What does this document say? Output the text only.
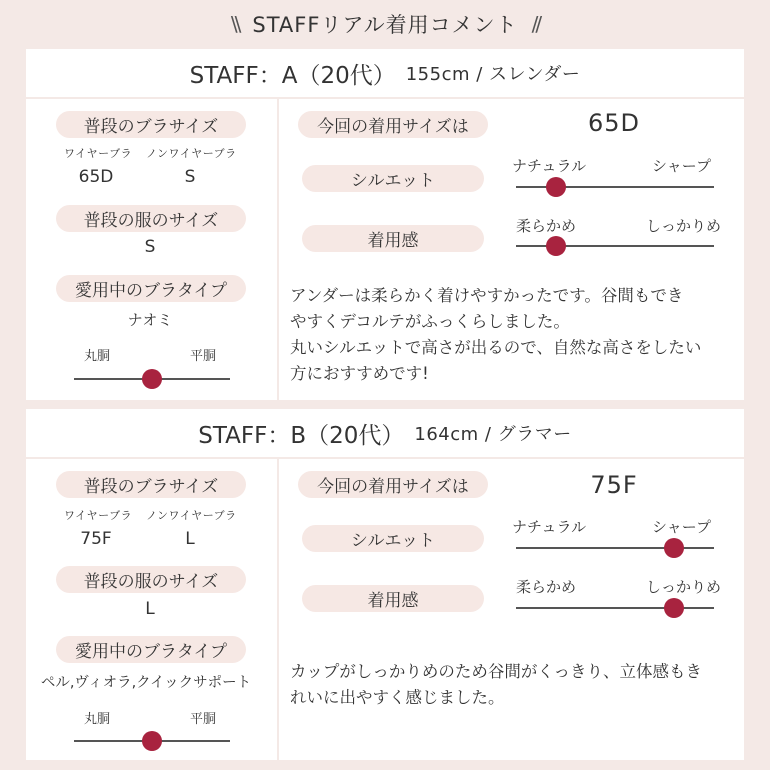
\\ STAFFリアル着用コメント //
STAFF：A（20代） 155cm / スレンダー
普段のブラサイズ
ワイヤーブラ ノンワイヤーブラ
65D	S
普段の服のサイズ
S
愛用中のブラタイプ
ナオミ
丸胴	平胴
今回の着用サイズは	65D
シルエット
ナチュラル	シャープ
着用感
柔らかめ	しっかりめ
アンダーは柔らかく着けやすかったです。谷間もでき
やすくデコルテがふっくらしました。
丸いシルエットで高さが出るので、自然な高さをしたい
方におすすめです!
STAFF：B（20代） 164cm / グラマー
普段のブラサイズ
ワイヤーブラ ノンワイヤーブラ
75F	L
普段の服のサイズ
L
愛用中のブラタイプ
ペル,ヴィオラ,クイックサポート
丸胴	平胴
今回の着用サイズは	75F
シルエット
ナチュラル	シャープ
着用感
柔らかめ	しっかりめ
カップがしっかりめのため谷間がくっきり、立体感もき
れいに出やすく感じました。
